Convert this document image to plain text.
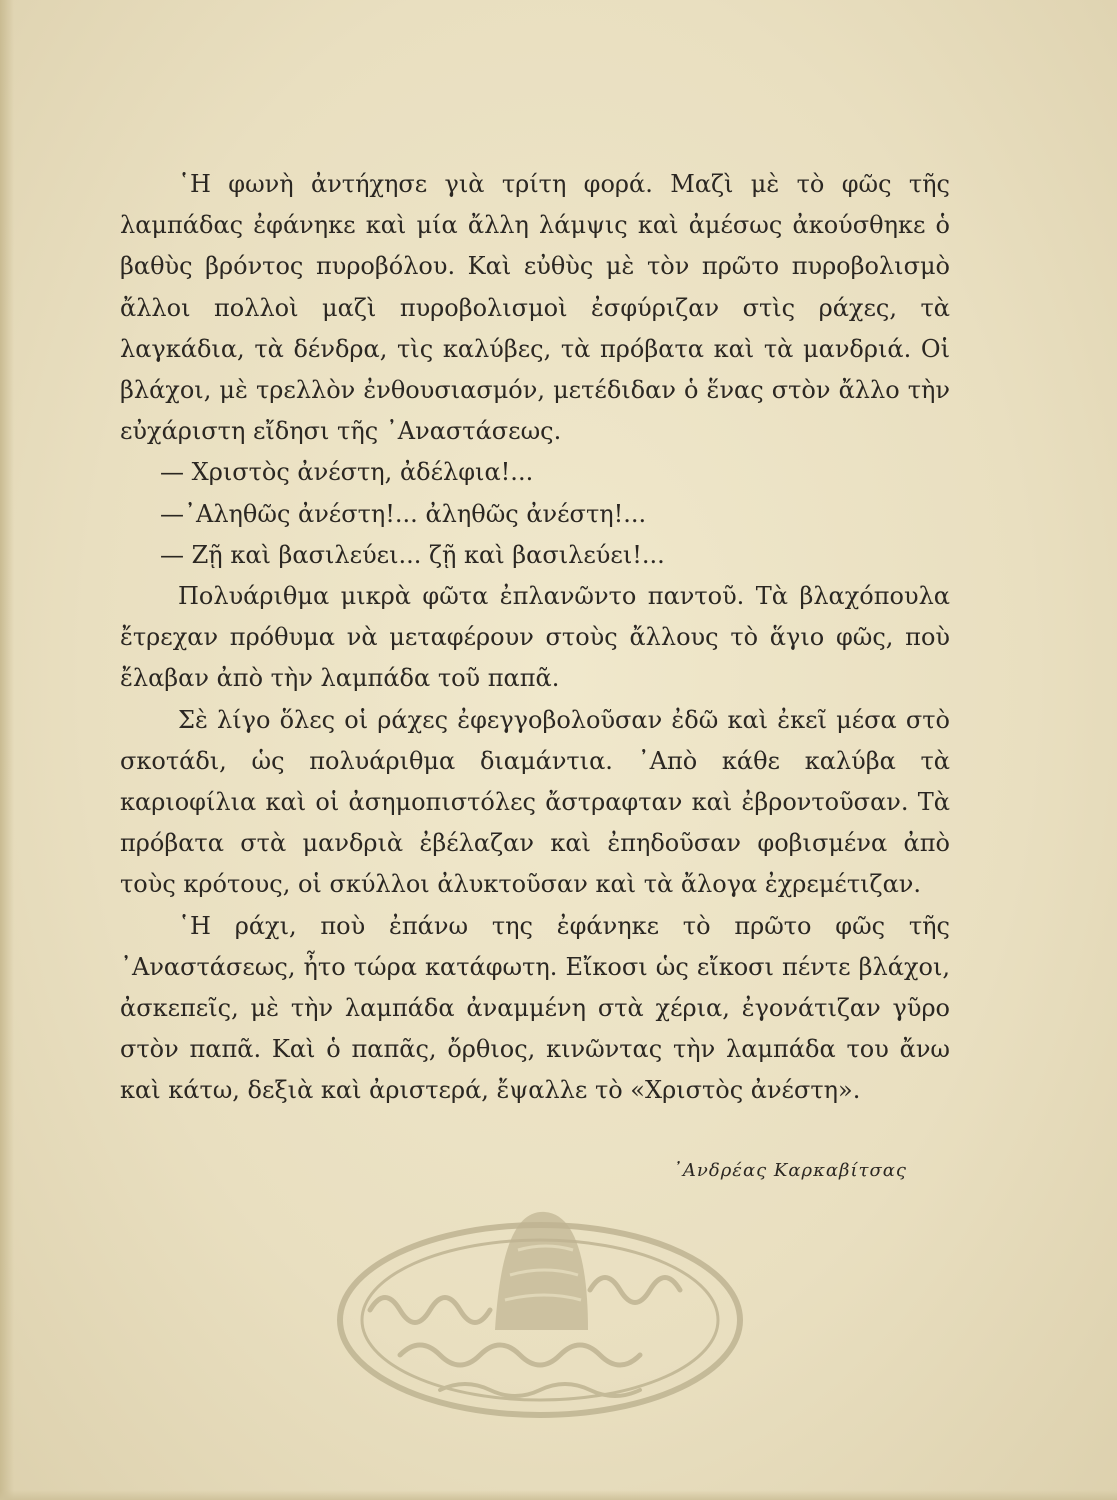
῾Η φωνὴ ἀντήχησε γιὰ τρίτη φορά. Μαζὶ μὲ τὸ φῶς τῆς λαμπάδας ἐφάνηκε καὶ μία ἄλλη λάμψις καὶ ἀμέσως ἀκούσθηκε ὁ βαθὺς βρόντος πυροβόλου. Καὶ εὐθὺς μὲ τὸν πρῶτο πυροβολισμὸ ἄλλοι πολλοὶ μαζὶ πυροβολισμοὶ ἐσφύριζαν στὶς ράχες, τὰ λαγκάδια, τὰ δένδρα, τὶς καλύβες, τὰ πρόβατα καὶ τὰ μανδριά. Οἱ βλάχοι, μὲ τρελλὸν ἐνθουσιασμόν, μετέδιδαν ὁ ἕνας στὸν ἄλλο τὴν εὐχάριστη εἴδησι τῆς ᾿Αναστάσεως.

— Χριστὸς ἀνέστη, ἀδέλφια!...

—᾿Αληθῶς ἀνέστη!... ἀληθῶς ἀνέστη!...

— Ζῇ καὶ βασιλεύει... ζῇ καὶ βασιλεύει!...

Πολυάριθμα μικρὰ φῶτα ἐπλανῶντο παντοῦ. Τὰ βλαχόπουλα ἔτρεχαν πρόθυμα νὰ μεταφέρουν στοὺς ἄλλους τὸ ἅγιο φῶς, ποὺ ἔλαβαν ἀπὸ τὴν λαμπάδα τοῦ παπᾶ.

Σὲ λίγο ὅλες οἱ ράχες ἐφεγγοβολοῦσαν ἐδῶ καὶ ἐκεῖ μέσα στὸ σκοτάδι, ὡς πολυάριθμα διαμάντια. ᾿Απὸ κάθε καλύβα τὰ καριοφίλια καὶ οἱ ἀσημοπιστόλες ἄστραφταν καὶ ἐβροντοῦσαν. Τὰ πρόβατα στὰ μανδριὰ ἐβέλαζαν καὶ ἐπηδοῦσαν φοβισμένα ἀπὸ τοὺς κρότους, οἱ σκύλλοι ἀλυκτοῦσαν καὶ τὰ ἄλογα ἐχρεμέτιζαν.

῾Η ράχι, ποὺ ἐπάνω της ἐφάνηκε τὸ πρῶτο φῶς τῆς ᾿Αναστάσεως, ἦτο τώρα κατάφωτη. Εἴκοσι ὡς εἴκοσι πέντε βλάχοι, ἀσκεπεῖς, μὲ τὴν λαμπάδα ἀναμμένη στὰ χέρια, ἐγονάτιζαν γῦρο στὸν παπᾶ. Καὶ ὁ παπᾶς, ὄρθιος, κινῶντας τὴν λαμπάδα του ἄνω καὶ κάτω, δεξιὰ καὶ ἀριστερά, ἔψαλλε τὸ «Χριστὸς ἀνέστη».

᾿Ανδρέας Καρκαβίτσας
